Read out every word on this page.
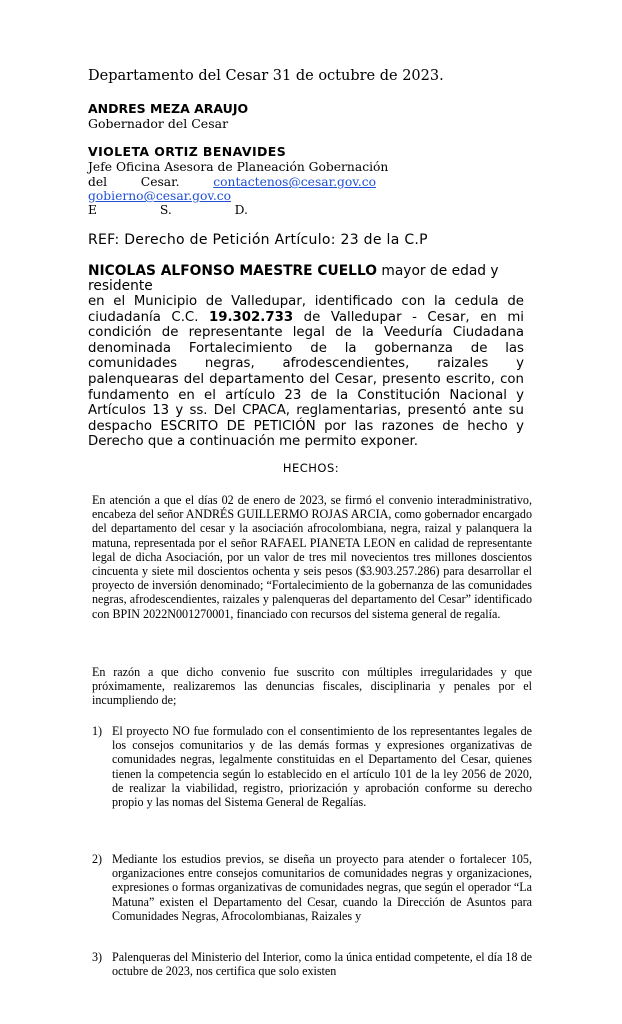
Departamento del Cesar 31 de octubre de 2023.
ANDRES MEZA ARAUJO
Gobernador del Cesar
VIOLETA ORTIZ BENAVIDES
Jefe Oficina Asesora de Planeación Gobernación
del	Cesar.	contactenos@cesar.gov.co
gobierno@cesar.gov.co
E	S.	D.
REF: Derecho de Petición Artículo: 23 de la C.P
NICOLAS ALFONSO MAESTRE CUELLO mayor de edad y residente
en el Municipio de Valledupar, identificado con la cedula de ciudadanía C.C. 19.302.733 de Valledupar - Cesar, en mi condición de representante legal de la Veeduría Ciudadana denominada Fortalecimiento de la gobernanza de las comunidades negras, afrodescendientes, raizales y palenquearas del departamento del Cesar, presento escrito, con fundamento en el artículo 23 de la Constitución Nacional y Artículos 13 y ss. Del CPACA, reglamentarias, presentó ante su despacho ESCRITO DE PETICIÓN por las razones de hecho y Derecho que a continuación me permito exponer.
HECHOS:
En atención a que el días 02 de enero de 2023, se firmó el convenio interadministrativo, encabeza del señor ANDRÉS GUILLERMO ROJAS ARCIA, como gobernador encargado del departamento del cesar y la asociación afrocolombiana, negra, raizal y palanquera la matuna, representada por el señor RAFAEL PIANETA LEON en calidad de representante legal de dicha Asociación, por un valor de tres mil novecientos tres millones doscientos cincuenta y siete mil doscientos ochenta y seis pesos ($3.903.257.286) para desarrollar el proyecto de inversión denominado; “Fortalecimiento de la gobernanza de las comunidades negras, afrodescendientes, raizales y palenqueras del departamento del Cesar” identificado con BPIN 2022N001270001, financiado con recursos del sistema general de regalía.
En razón a que dicho convenio fue suscrito con múltiples irregularidades y que próximamente, realizaremos las denuncias fiscales, disciplinaria y penales por el incumpliendo de;
1) El proyecto NO fue formulado con el consentimiento de los representantes legales de los consejos comunitarios y de las demás formas y expresiones organizativas de comunidades negras, legalmente constituidas en el Departamento del Cesar, quienes tienen la competencia según lo establecido en el artículo 101 de la ley 2056 de 2020, de realizar la viabilidad, registro, priorización y aprobación conforme su derecho propio y las nomas del Sistema General de Regalías.
2) Mediante los estudios previos, se diseña un proyecto para atender o fortalecer 105, organizaciones entre consejos comunitarios de comunidades negras y organizaciones, expresiones o formas organizativas de comunidades negras, que según el operador “La Matuna” existen el Departamento del Cesar, cuando la Dirección de Asuntos para Comunidades Negras, Afrocolombianas, Raizales y
3) Palenqueras del Ministerio del Interior, como la única entidad competente, el día 18 de octubre de 2023, nos certifica que solo existen
